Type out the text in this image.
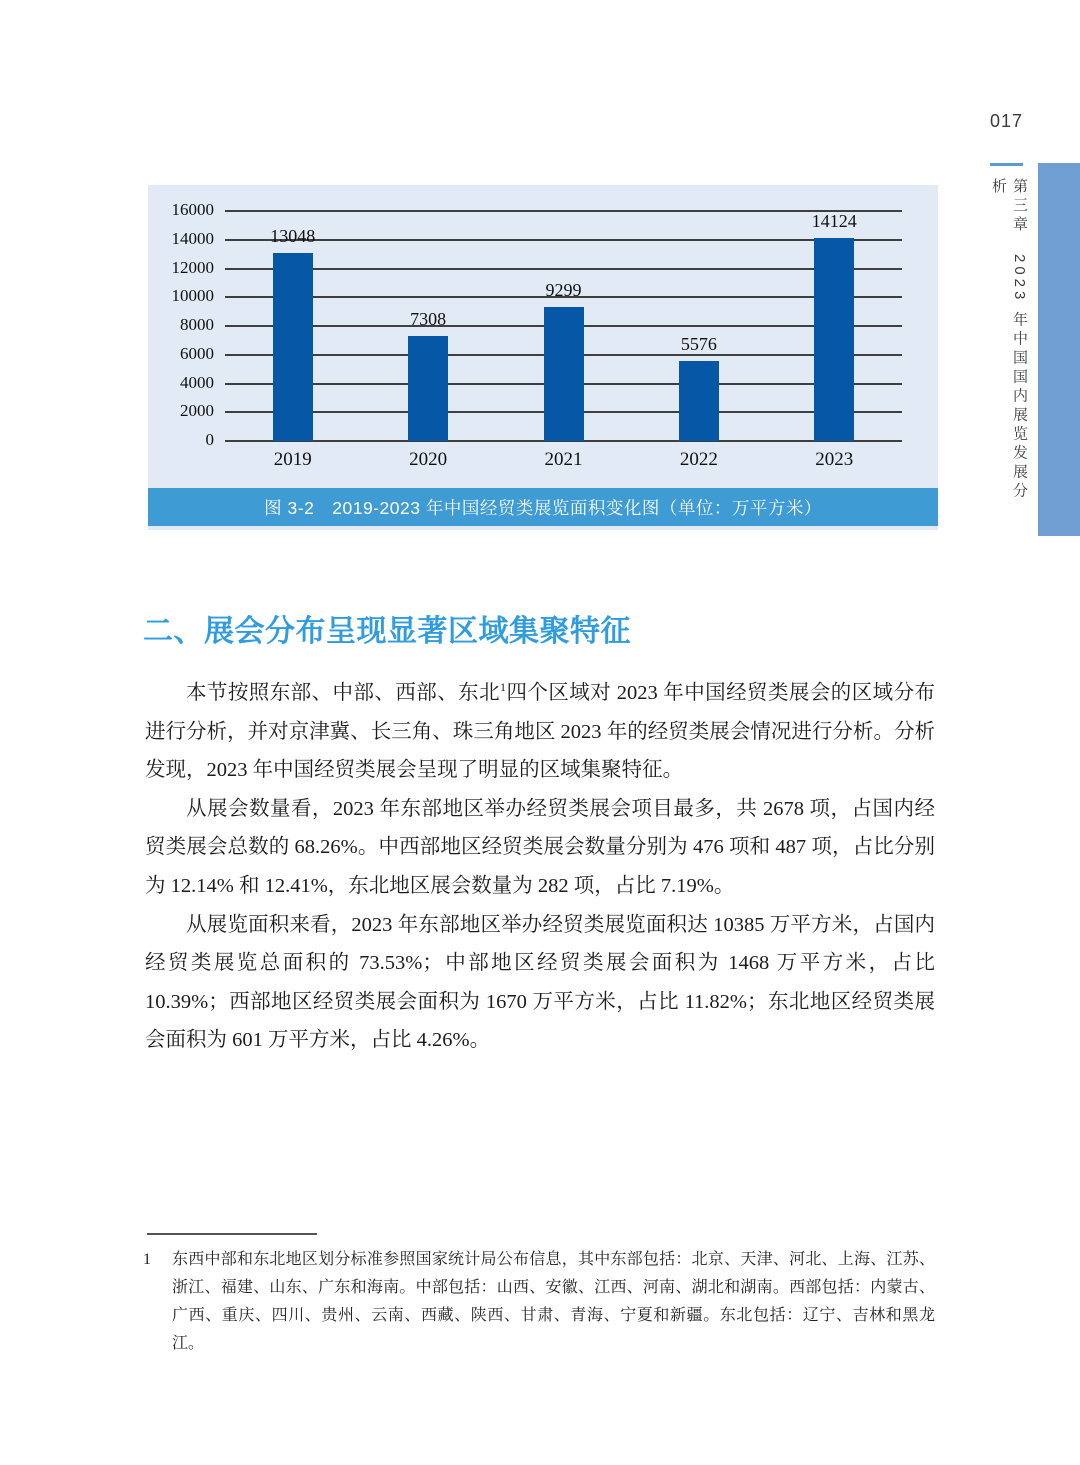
017
第三章　2023 年中国国内展览发展分析
图 3-2　2019-2023 年中国经贸类展览面积变化图（单位：万平方米）
0
2000
4000
6000
8000
10000
12000
14000
16000
13048
2019
7308
2020
9299
2021
5576
2022
14124
2023
二、展会分布呈现显著区域集聚特征

本节按照东部、中部、西部、东北$^1$四个区域对 2023 年中国经贸类展会的区域分布进行分析，并对京津冀、长三角、珠三角地区 2023 年的经贸类展会情况进行分析。分析发现，2023 年中国经贸类展会呈现了明显的区域集聚特征。

从展会数量看，2023 年东部地区举办经贸类展会项目最多，共 2678 项，占国内经贸类展会总数的 68.26%。中西部地区经贸类展会数量分别为 476 项和 487 项，占比分别为 12.14% 和 12.41%，东北地区展会数量为 282 项，占比 7.19%。

从展览面积来看，2023 年东部地区举办经贸类展览面积达 10385 万平方米，占国内经贸类展览总面积的 73.53%；中部地区经贸类展会面积为 1468 万平方米，占比 10.39%；西部地区经贸类展会面积为 1670 万平方米，占比 11.82%；东北地区经贸类展会面积为 601 万平方米，占比 4.26%。

1	东西中部和东北地区划分标准参照国家统计局公布信息，其中东部包括：北京、天津、河北、上海、江苏、浙江、福建、山东、广东和海南。中部包括：山西、安徽、江西、河南、湖北和湖南。西部包括：内蒙古、广西、重庆、四川、贵州、云南、西藏、陕西、甘肃、青海、宁夏和新疆。东北包括：辽宁、吉林和黑龙江。
